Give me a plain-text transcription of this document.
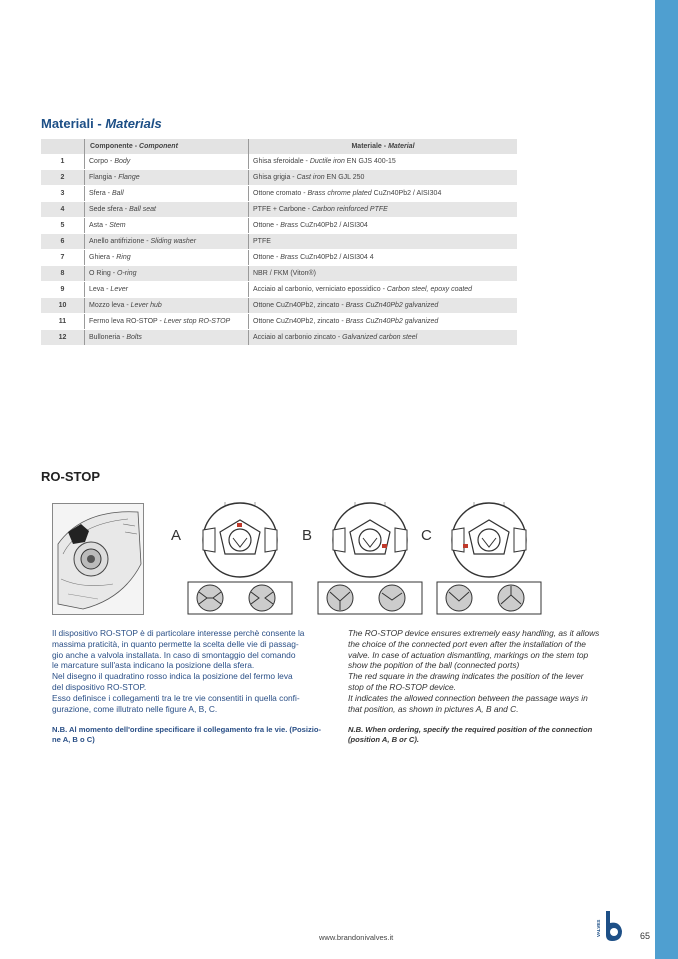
Materiali - Materials
	Componente - Component	Materiale - Material
1	Corpo - Body	Ghisa sferoidale - Ductile iron EN GJS 400-15
2	Flangia - Flange	Ghisa grigia - Cast iron EN GJL 250
3	Sfera - Ball	Ottone cromato - Brass chrome plated CuZn40Pb2 / AISI304
4	Sede sfera - Ball seat	PTFE + Carbone - Carbon reinforced PTFE
5	Asta - Stem	Ottone - Brass CuZn40Pb2 / AISI304
6	Anello antifrizione - Sliding washer	PTFE
7	Ghiera - Ring	Ottone - Brass CuZn40Pb2 / AISI304 4
8	O Ring - O-ring	NBR / FKM (Viton®)
9	Leva - Lever	Acciaio al carbonio, verniciato epossidico - Carbon steel, epoxy coated
10	Mozzo leva - Lever hub	Ottone CuZn40Pb2, zincato - Brass CuZn40Pb2 galvanized
11	Fermo leva RO-STOP - Lever stop RO-STOP	Ottone CuZn40Pb2, zincato - Brass CuZn40Pb2 galvanized
12	Bulloneria - Bolts	Acciaio al carbonio zincato - Galvanized carbon steel
RO-STOP
A	B	C
Il dispositivo RO-STOP è di particolare interesse perchè consente la
massima praticità, in quanto permette la scelta delle vie di passag-
gio anche a valvola installata. In caso di smontaggio del comando
le marcature sull'asta indicano la posizione della sfera.
Nel disegno il quadratino rosso indica la posizione del fermo leva
del dispositivo RO-STOP.
Esso definisce i collegamenti tra le tre vie consentiti in quella confi-
gurazione, come illutrato nelle figure A, B, C.
The RO-STOP device ensures extremely easy handling, as it allows
the choice of the connected port even after the installation of the
valve. In case of actuation dismantling, markings on the stem top
show the popition of the ball (connected ports)
The red square in the drawing indicates the position of the lever
stop of the RO-STOP device.
It indicates the allowed connection between the passage ways in
that position, as shown in pictures A, B and C.
N.B. Al momento dell'ordine specificare il collegamento fra le vie. (Posizio-
ne A, B o C)
N.B. When ordering, specify the required position of the connection
(position A, B or C).
www.brandonivalves.it
VALVES	65
